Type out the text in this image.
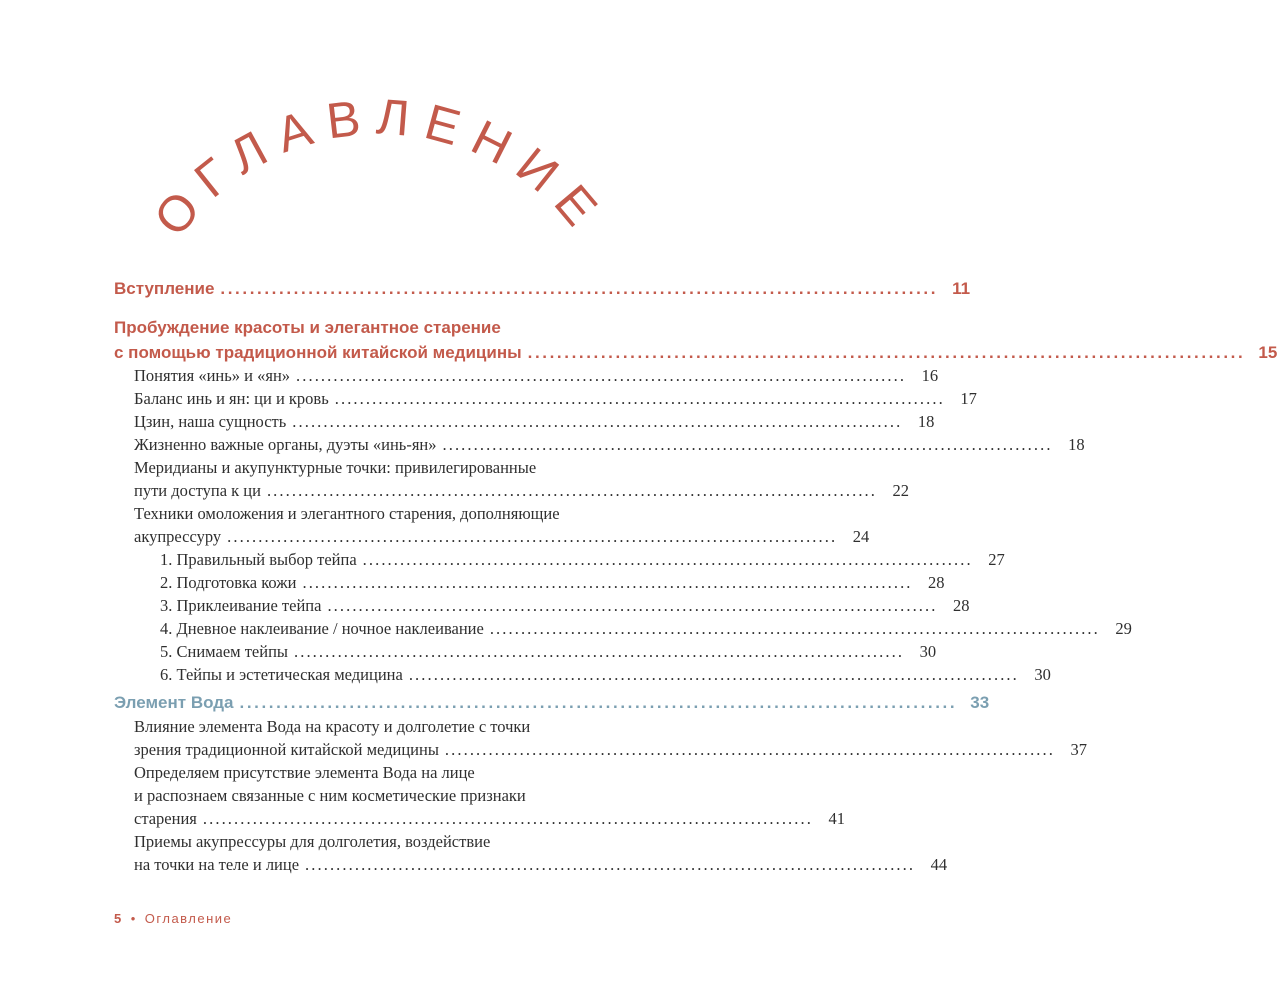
ОГЛАВЛЕНИЕ
Вступление .................................................................................................. 11
Пробуждение красоты и элегантное старение
с помощью традиционной китайской медицины .................................................................................................. 15
Понятия «инь» и «ян» .................................................................................................. 16
Баланс инь и ян: ци и кровь .................................................................................................. 17
Цзин, наша сущность .................................................................................................. 18
Жизненно важные органы, дуэты «инь-ян» .................................................................................................. 18
Меридианы и акупунктурные точки: привилегированные
пути доступа к ци .................................................................................................. 22
Техники омоложения и элегантного старения, дополняющие
акупрессуру .................................................................................................. 24
1. Правильный выбор тейпа .................................................................................................. 27
2. Подготовка кожи .................................................................................................. 28
3. Приклеивание тейпа .................................................................................................. 28
4. Дневное наклеивание / ночное наклеивание .................................................................................................. 29
5. Снимаем тейпы .................................................................................................. 30
6. Тейпы и эстетическая медицина .................................................................................................. 30
Элемент Вода .................................................................................................. 33
Влияние элемента Вода на красоту и долголетие с точки
зрения традиционной китайской медицины .................................................................................................. 37
Определяем присутствие элемента Вода на лице
и распознаем связанные с ним косметические признаки
старения .................................................................................................. 41
Приемы акупрессуры для долголетия, воздействие
на точки на теле и лице .................................................................................................. 44
5 • Оглавление
